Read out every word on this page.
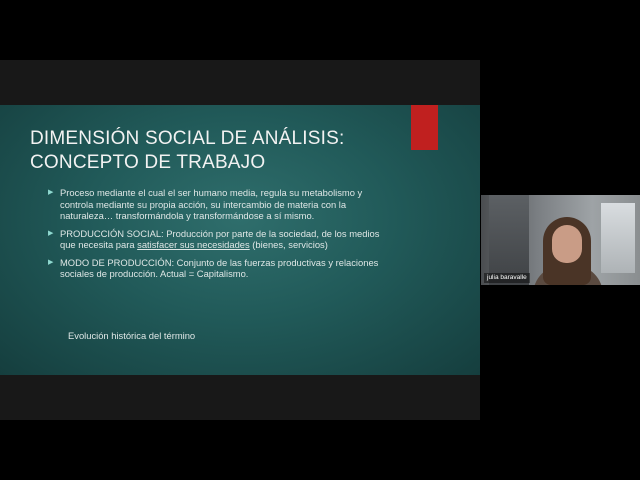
DIMENSIÓN SOCIAL DE ANÁLISIS:
CONCEPTO DE TRABAJO
▶ Proceso mediante el cual el ser humano media, regula su metabolismo y controla mediante su propia acción, su intercambio de materia con la naturaleza… transformándola y transformándose a sí mismo.
▶ PRODUCCIÓN SOCIAL: Producción por parte de la sociedad, de los medios que necesita para satisfacer sus necesidades (bienes, servicios)
▶ MODO DE PRODUCCIÓN: Conjunto de las fuerzas productivas y relaciones sociales de producción. Actual = Capitalismo.
Evolución histórica del término
julia baravalle
